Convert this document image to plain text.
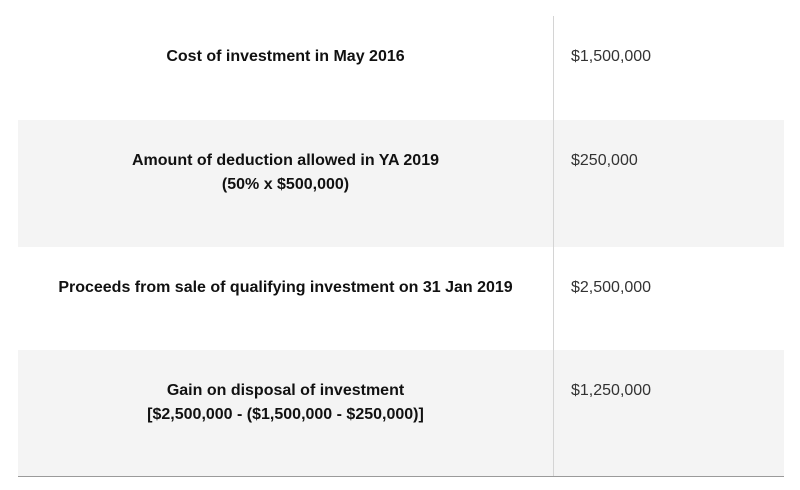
Cost of investment in May 2016	$1,500,000
Amount of deduction allowed in YA 2019
(50% x $500,000)
$250,000
Proceeds from sale of qualifying investment on 31 Jan 2019	$2,500,000
Gain on disposal of investment
[$2,500,000 - ($1,500,000 - $250,000)]
$1,250,000
